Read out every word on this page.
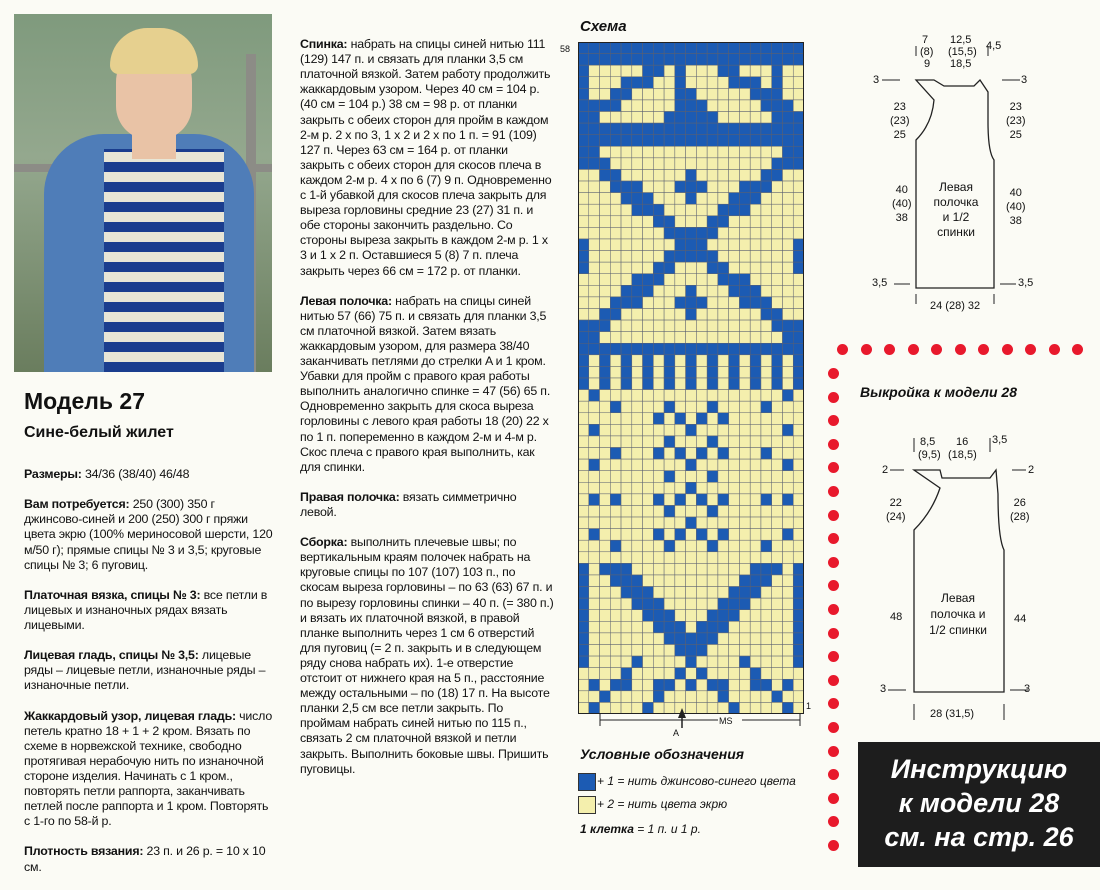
Модель 27
Сине-белый жилет

Размеры: 34/36 (38/40) 46/48

Вам потребуется: 250 (300) 350 г джинсово-синей и 200 (250) 300 г пряжи цвета экрю (100% мериносовой шерсти, 120 м/50 г); прямые спицы № 3 и 3,5; круговые спицы № 3; 6 пуговиц.

Платочная вязка, спицы № 3: все петли в лицевых и изнаночных рядах вязать лицевыми.

Лицевая гладь, спицы № 3,5: лицевые ряды – лицевые петли, изнаночные ряды – изнаночные петли.

Жаккардовый узор, лицевая гладь: число петель кратно 18 + 1 + 2 кром. Вязать по схеме в норвежской технике, свободно протягивая нерабочую нить по изнаночной стороне изделия. Начинать с 1 кром., повторять петли раппорта, заканчивать петлей после раппорта и 1 кром. Повторять с 1-го по 58-й р.

Плотность вязания: 23 п. и 26 р. = 10 х 10 см.

Спинка: набрать на спицы синей нитью 111 (129) 147 п. и связать для планки 3,5 см платочной вязкой. Затем работу продолжить жаккардовым узором. Через 40 см = 104 р. (40 см = 104 р.) 38 см = 98 р. от планки закрыть с обеих сторон для пройм в каждом 2-м р. 2 х по 3, 1 х 2 и 2 х по 1 п. = 91 (109) 127 п. Через 63 см = 164 р. от планки закрыть с обеих сторон для скосов плеча в каждом 2-м р. 4 х по 6 (7) 9 п. Одновременно с 1-й убавкой для скосов плеча закрыть для выреза горловины средние 23 (27) 31 п. и обе стороны закончить раздельно. Со стороны выреза закрыть в каждом 2-м р. 1 х 3 и 1 х 2 п. Оставшиеся 5 (8) 7 п. плеча закрыть через 66 см = 172 р. от планки.

Левая полочка: набрать на спицы синей нитью 57 (66) 75 п. и связать для планки 3,5 см платочной вязкой. Затем вязать жаккардовым узором, для размера 38/40 заканчивать петлями до стрелки A и 1 кром. Убавки для пройм с правого края работы выполнить аналогично спинке = 47 (56) 65 п. Одновременно закрыть для скоса выреза горловины с левого края работы 18 (20) 22 х по 1 п. попеременно в каждом 2-м и 4-м р. Скос плеча с правого края выполнить, как для спинки.

Правая полочка: вязать симметрично левой.

Сборка: выполнить плечевые швы; по вертикальным краям полочек набрать на круговые спицы по 107 (107) 103 п., по скосам выреза горловины – по 63 (63) 67 п. и по вырезу горловины спинки – 40 п. (= 380 п.) и вязать их платочной вязкой, в правой планке выполнить через 1 см 6 отверстий для пуговиц (= 2 п. закрыть и в следующем ряду снова набрать их). 1-е отверстие отстоит от нижнего края на 5 п., расстояние между остальными – по (18) 17 п. На высоте планки 2,5 см все петли закрыть. По проймам набрать синей нитью по 115 п., связать 2 см платочной вязкой и петли закрыть. Выполнить боковые швы. Пришить пуговицы.

Схема
58
1
MS
A
Условные обозначения
+ 1 = нить джинсово-синего цвета
+ 2 = нить цвета экрю
1 клетка = 1 п. и 1 р.
7 12,5
(8) (15,5)
9 18,5
4,5
3	3
23
(23)
25
23
(23)
25
40
(40)
38
40
(40)
38
Левая
полочка
и 1/2
спинки
3,5	3,5
24 (28) 32
Выкройка к модели 28
8,5 16
(9,5) (18,5)
3,5
2	2
22
(24)
26
(28)
48	44
Левая
полочка и
1/2 спинки
3	3
28 (31,5)
Инструкцию
к модели 28
см. на стр. 26
